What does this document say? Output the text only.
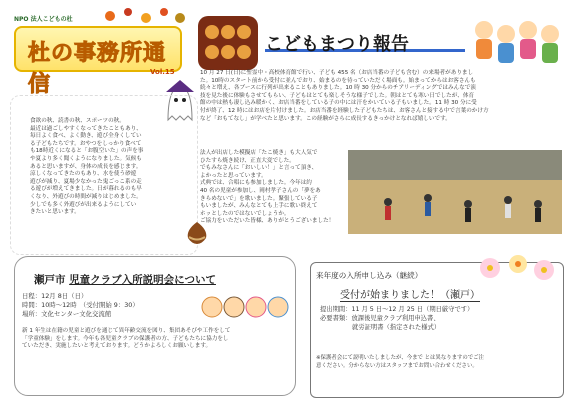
NPO 法人こどもの杜
杜の事務所通信	Vol.15
食欲の秋、読書の秋、スポーツの秋。
最近は過ごしやすくなってきたこともあり、
毎日よく食べ、よく動き、遊び全身くしてい
る子どもたちです。おやつをしっかり食べて
も18時近くになると「お腹空いた」の声を事
や夏より多く聞くようになりました。気候も
あると思いますが、身体の成長を感じます。
涼しくなってきたのもあり、水を使う砂遊
遊びが減り、夏場少なかった鬼ごっこ系の走
る遊びが増えてきました。日が暮れるのも早
くなり、外遊びの時間が減りはじめました。
少しでも多く外遊びが出来るようにしてい
きたいと思います。
こどもまつり報告
10 月 27 日(日)に聖霊中・高校体育館で行い、子ども 455 名（お店当番の子ども含む）の来場者がありまし
た。10時のスタート前から受付に並んでおり、始まるのを待っていただく場面も。始まってからはお客さんも
続々と増え、各ブースに行列が出来ることもありました。10 時 30 分からのチアリーディングではみんなで演
技を見た後に体験もさせてもらい、子どもはとても楽しそうな様子でした。朝はとても寒い日でしたが、体育
館の中は熱も凄し込み暖かく、お店当番をしている子の中には汗をかいている子もいました。11 時 30 分に受
付が終了、12 時にはお店を片付けました。お店当番を経験した子どもたちは、お客さんと接する中で言葉のかけ方
など「おもてなし」が学べたと思います。この経験がさらに成長するきっかけとなれば嬉しいです。
法人が出店した模擬店「たこ焼き」も大人気で
ひたすら焼き続け、正直大変でした。
でもみなさんに「おいしい！」と言って頂き、
よかったと思っています。
式典では、合唱にも参加しました。今年は約
40 名の児童が参加し、岡村孝子さんの「夢をあ
きらめないで」を歌いました。緊張している子
もいましたが、みんなとても上手に歌い終えて
ホッとしたのではないでしょうか。
ご協力をいただいた皆様、ありがとうございました！
瀬戸市 児童クラブ入所説明会について
日程：12月 8日（日）
時間：10時〜12時　（受付開始 9：30）
場所：文化センター文化交流館
新 1 年生は在籍の児童と遊びを通じて異年齢交流を図り、集団あそびや工作をして
「学童体験」をします。今年も各児童クラブの保護者の方、子どもたちに協力をし
ていただき、実施したいと考えております。どうかよろしくお願いします。
来年度の入所申し込み（継続）
受付が始まりました！（瀬戸）
提出期間：11 月 5 日〜12 月 25 日（期日厳守です）
必要書類：放課後児童クラブ利用申込書、
就労証明書（指定された様式）
※保護者会にて説明いたしましたが、今まで とは異なりますのでご注
意ください。分からない方はスタッフまでお問い合わせください。
